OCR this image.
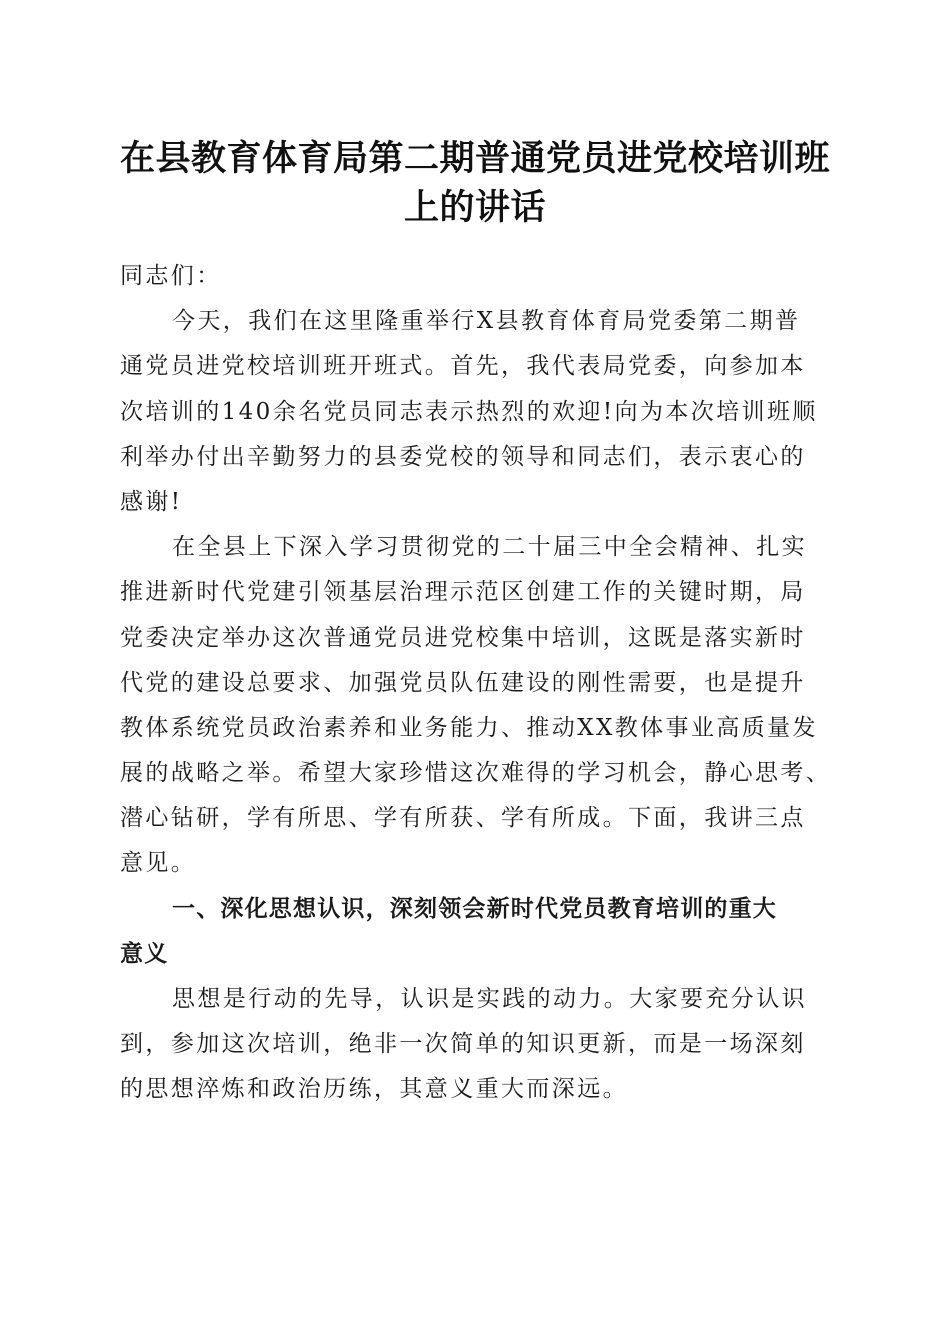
在县教育体育局第二期普通党员进党校培训班
上的讲话
同志们：
今天，我们在这里隆重举行X县教育体育局党委第二期普
通党员进党校培训班开班式。首先，我代表局党委，向参加本
次培训的140余名党员同志表示热烈的欢迎!向为本次培训班顺
利举办付出辛勤努力的县委党校的领导和同志们，表示衷心的
感谢!
在全县上下深入学习贯彻党的二十届三中全会精神、扎实
推进新时代党建引领基层治理示范区创建工作的关键时期，局
党委决定举办这次普通党员进党校集中培训，这既是落实新时
代党的建设总要求、加强党员队伍建设的刚性需要，也是提升
教体系统党员政治素养和业务能力、推动XX教体事业高质量发
展的战略之举。希望大家珍惜这次难得的学习机会，静心思考、
潜心钻研，学有所思、学有所获、学有所成。下面，我讲三点
意见。
一、深化思想认识，深刻领会新时代党员教育培训的重大
意义
思想是行动的先导，认识是实践的动力。大家要充分认识
到，参加这次培训，绝非一次简单的知识更新，而是一场深刻
的思想淬炼和政治历练，其意义重大而深远。
